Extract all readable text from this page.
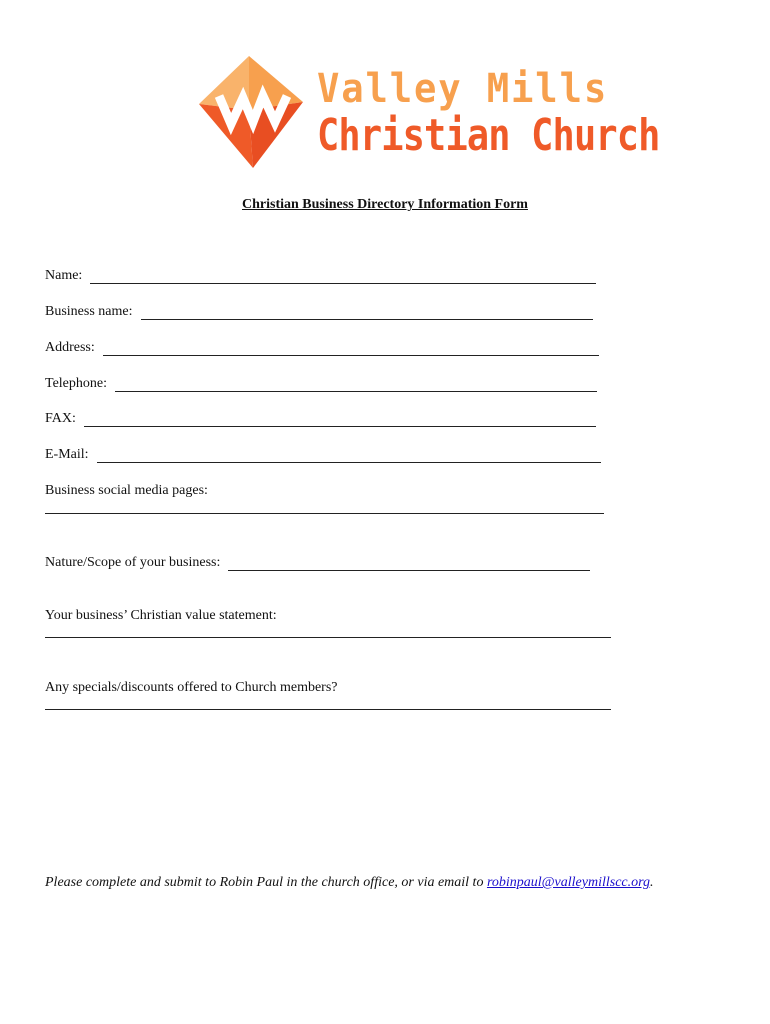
Valley Mills
Christian Church
Christian Business Directory Information Form
Name:
Business name:
Address:
Telephone:
FAX:
E-Mail:
Business social media pages:
Nature/Scope of your business:
Your business’ Christian value statement:
Any specials/discounts offered to Church members?
Please complete and submit to Robin Paul in the church office, or via email to robinpaul@valleymillscc.org.
